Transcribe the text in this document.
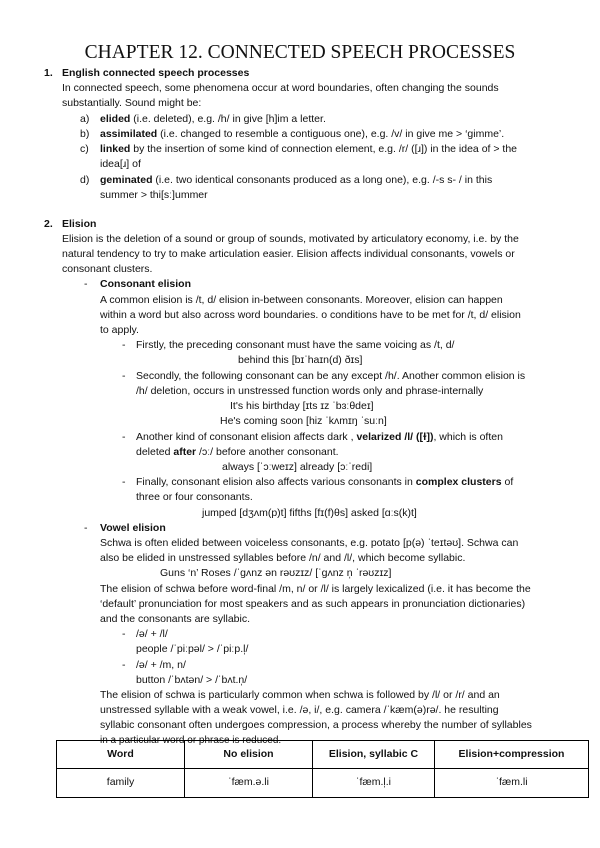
CHAPTER 12. CONNECTED SPEECH PROCESSES
1. English connected speech processes
In connected speech, some phenomena occur at word boundaries, often changing the sounds
substantially. Sound might be:
a) elided (i.e. deleted), e.g. /h/ in give [h]im a letter.
b) assimilated (i.e. changed to resemble a contiguous one), e.g. /v/ in give me > ‘gimme’.
c) linked by the insertion of some kind of connection element, e.g. /r/ ([ɹ]) in the idea of > the
idea[ɹ] of
d) geminated (i.e. two identical consonants produced as a long one), e.g. /-s s- / in this
summer > thi[sː]ummer
2. Elision
Elision is the deletion of a sound or group of sounds, motivated by articulatory economy, i.e. by the
natural tendency to try to make articulation easier. Elision affects individual consonants, vowels or
consonant clusters.
- Consonant elision
A common elision is /t, d/ elision in-between consonants. Moreover, elision can happen
within a word but also across word boundaries. o conditions have to be met for /t, d/ elision
to apply.
- Firstly, the preceding consonant must have the same voicing as /t, d/
behind this [bɪˈhaɪn(d) ðɪs]
- Secondly, the following consonant can be any except /h/. Another common elision is
/h/ deletion, occurs in unstressed function words only and phrase-internally
It's his birthday [ɪts ɪz ˈbɜːθdeɪ]
He's coming soon [hiz ˈkʌmɪŋ ˈsuːn]
- Another kind of consonant elision affects dark , velarized /l/ ([ɫ]), which is often
deleted after /ɔː/ before another consonant.
always [ˈɔːweɪz] already [ɔːˈredi]
- Finally, consonant elision also affects various consonants in complex clusters of
three or four consonants.
jumped [dʒʌm(p)t] fifths [fɪ(f)θs] asked [ɑːs(k)t]
- Vowel elision
Schwa is often elided between voiceless consonants, e.g. potato [p(ə) ˈteɪtəʊ]. Schwa can
also be elided in unstressed syllables before /n/ and /l/, which become syllabic.
Guns ‘n’ Roses /ˈgʌnz ən rəʊzɪz/ [ˈgʌnz n̩ ˈrəʊzɪz]
The elision of schwa before word-final /m, n/ or /l/ is largely lexicalized (i.e. it has become the
‘default’ pronunciation for most speakers and as such appears in pronunciation dictionaries)
and the consonants are syllabic.
- /ə/ + /l/
people /ˈpiːpəl/ > /ˈpiːp.l̩/
- /ə/ + /m, n/
button /ˈbʌtən/ > /ˈbʌt.n̩/
The elision of schwa is particularly common when schwa is followed by /l/ or /r/ and an
unstressed syllable with a weak vowel, i.e. /ə, i/, e.g. camera /ˈkæm(ə)rə/. he resulting
syllabic consonant often undergoes compression, a process whereby the number of syllables
in a particular word or phrase is reduced.
Word	No elision	Elision, syllabic C	Elision+compression
family	ˈfæm.ə.li	ˈfæm.l̩.i	ˈfæm.li
